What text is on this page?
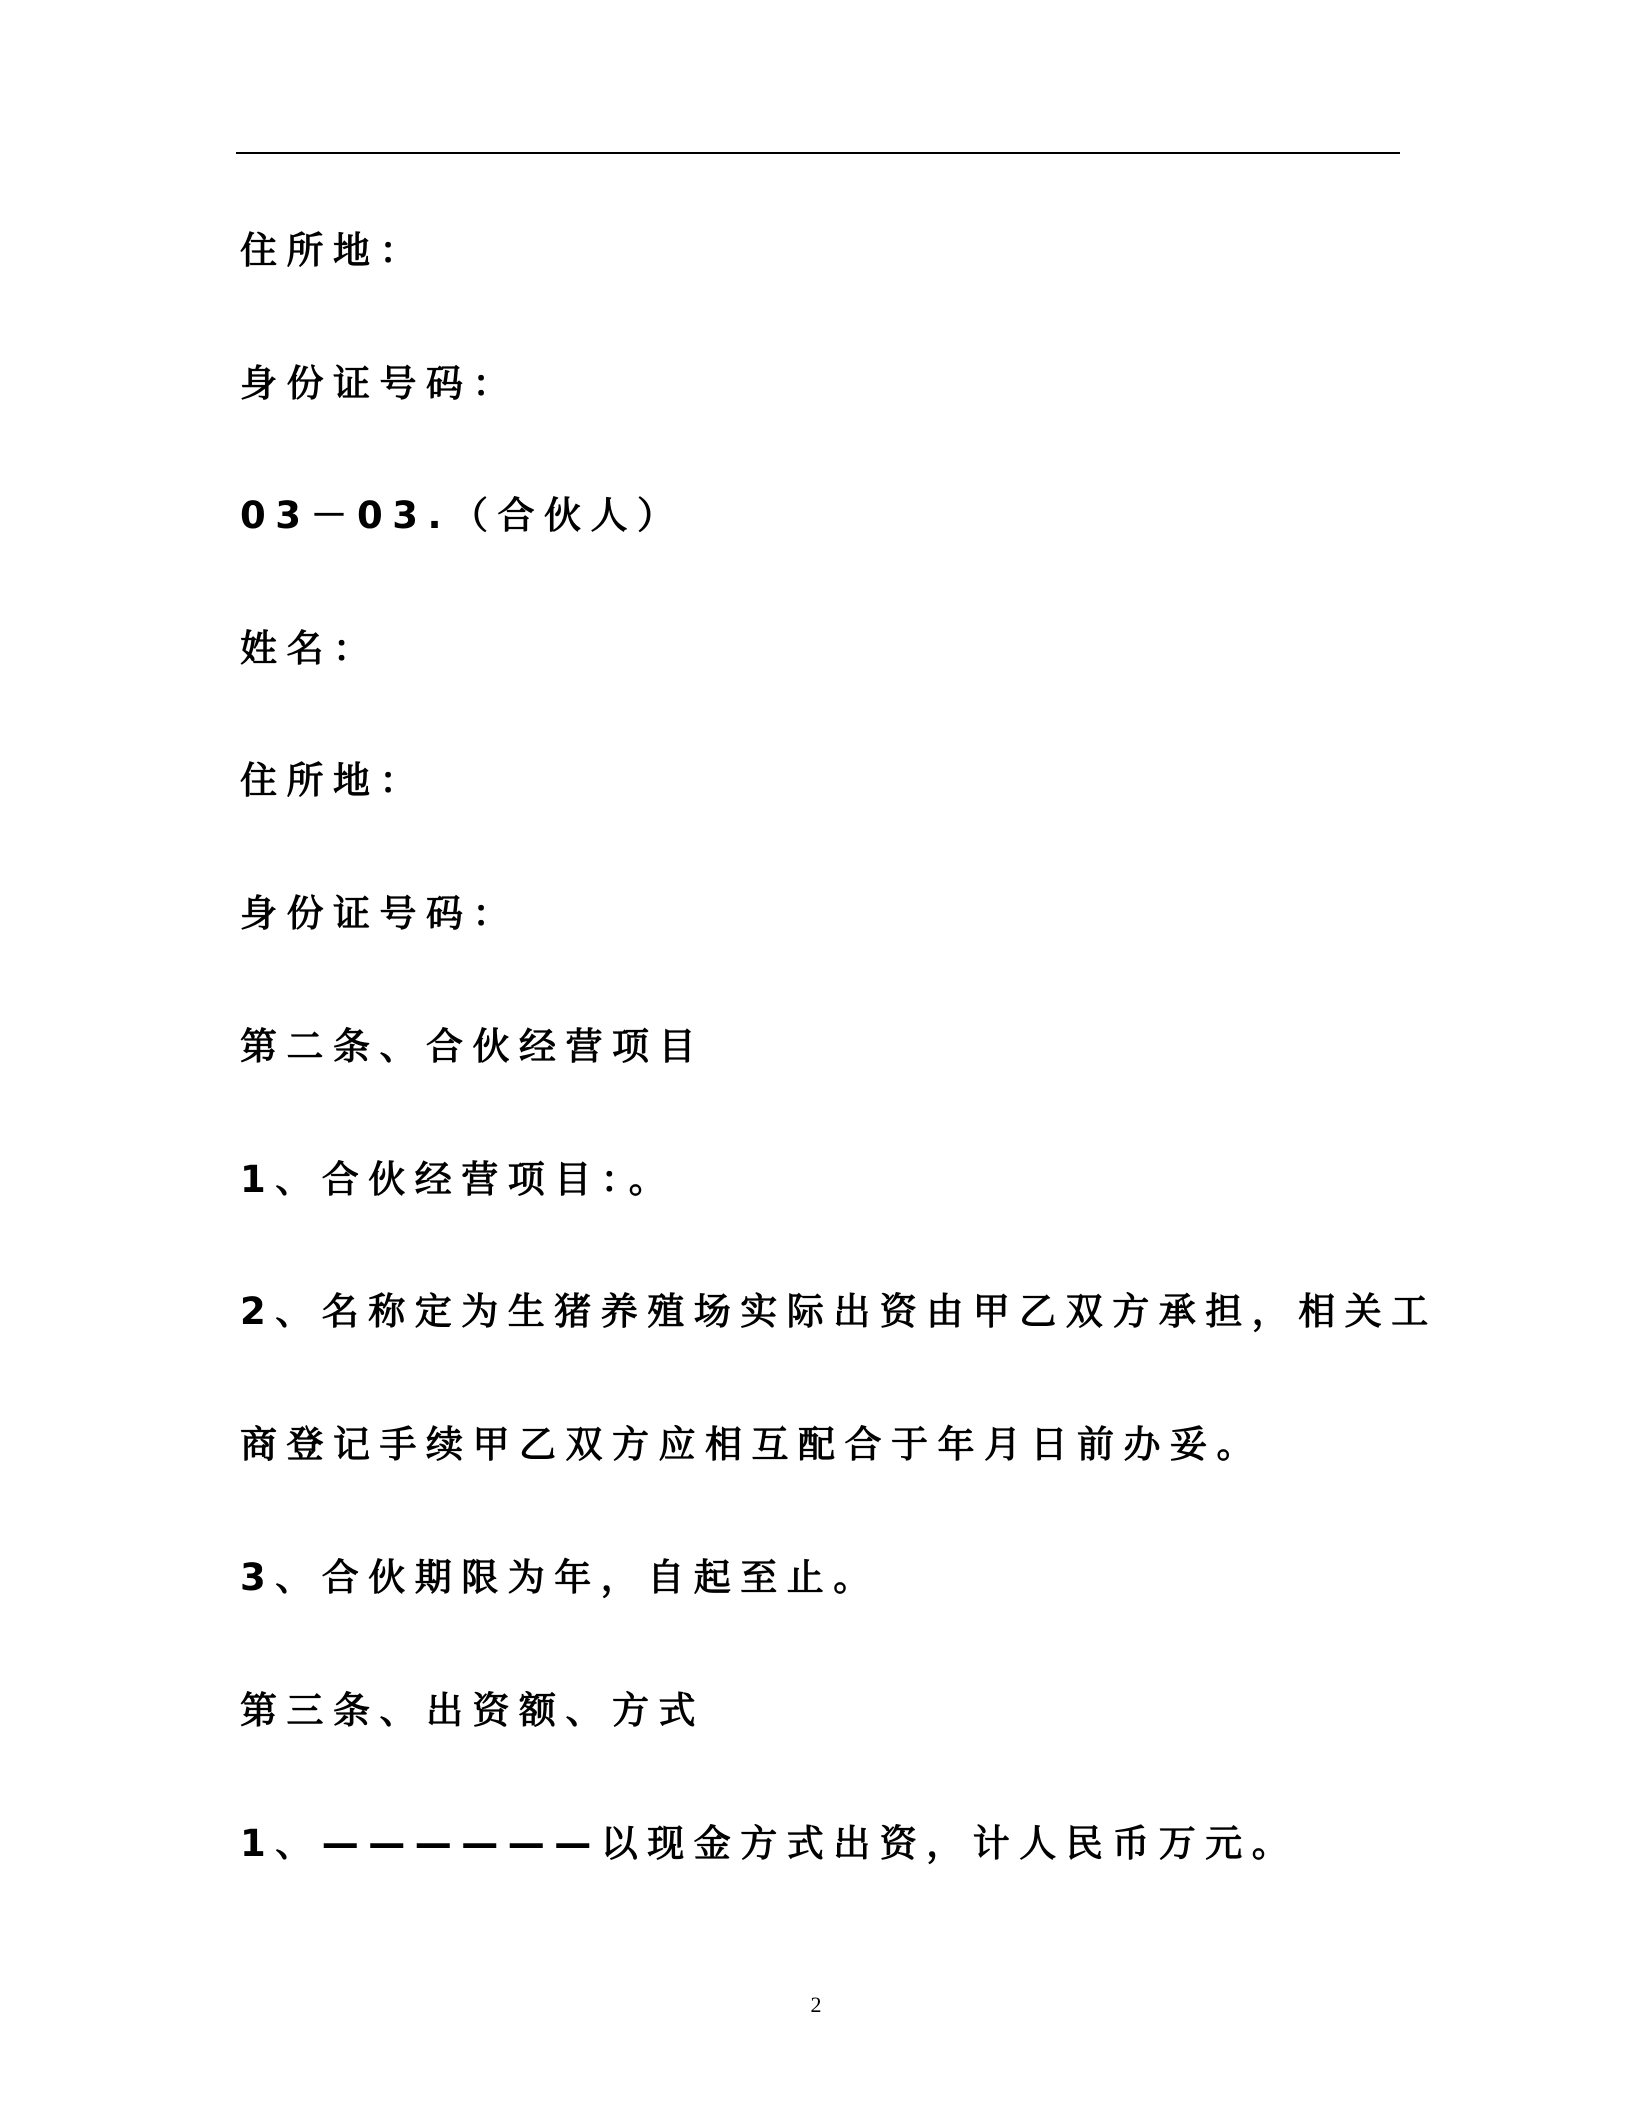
住所地：
身份证号码：
03－03.（合伙人）
姓名：
住所地：
身份证号码：
第二条、合伙经营项目
1、合伙经营项目：。
2、名称定为生猪养殖场实际出资由甲乙双方承担，相关工
商登记手续甲乙双方应相互配合于年月日前办妥。
3、合伙期限为年，自起至止。
第三条、出资额、方式
1、——————以现金方式出资，计人民币万元。
2
